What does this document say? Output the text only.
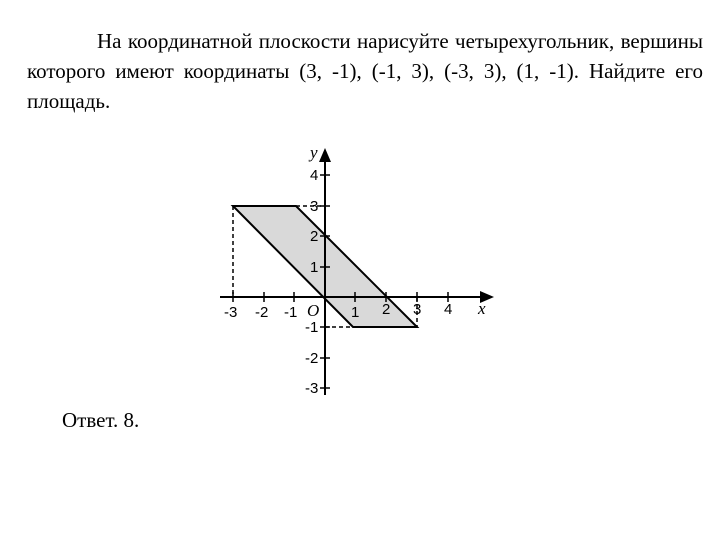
На координатной плоскости нарисуйте четырехугольник, вершины которого имеют координаты (3, -1), (-1, 3), (-3, 3), (1, -1). Найдите его площадь.

-3 -2 -1	1 2 3 4
4
3
2
1
-1
-2
-3
x
y
O

Ответ. 8.
